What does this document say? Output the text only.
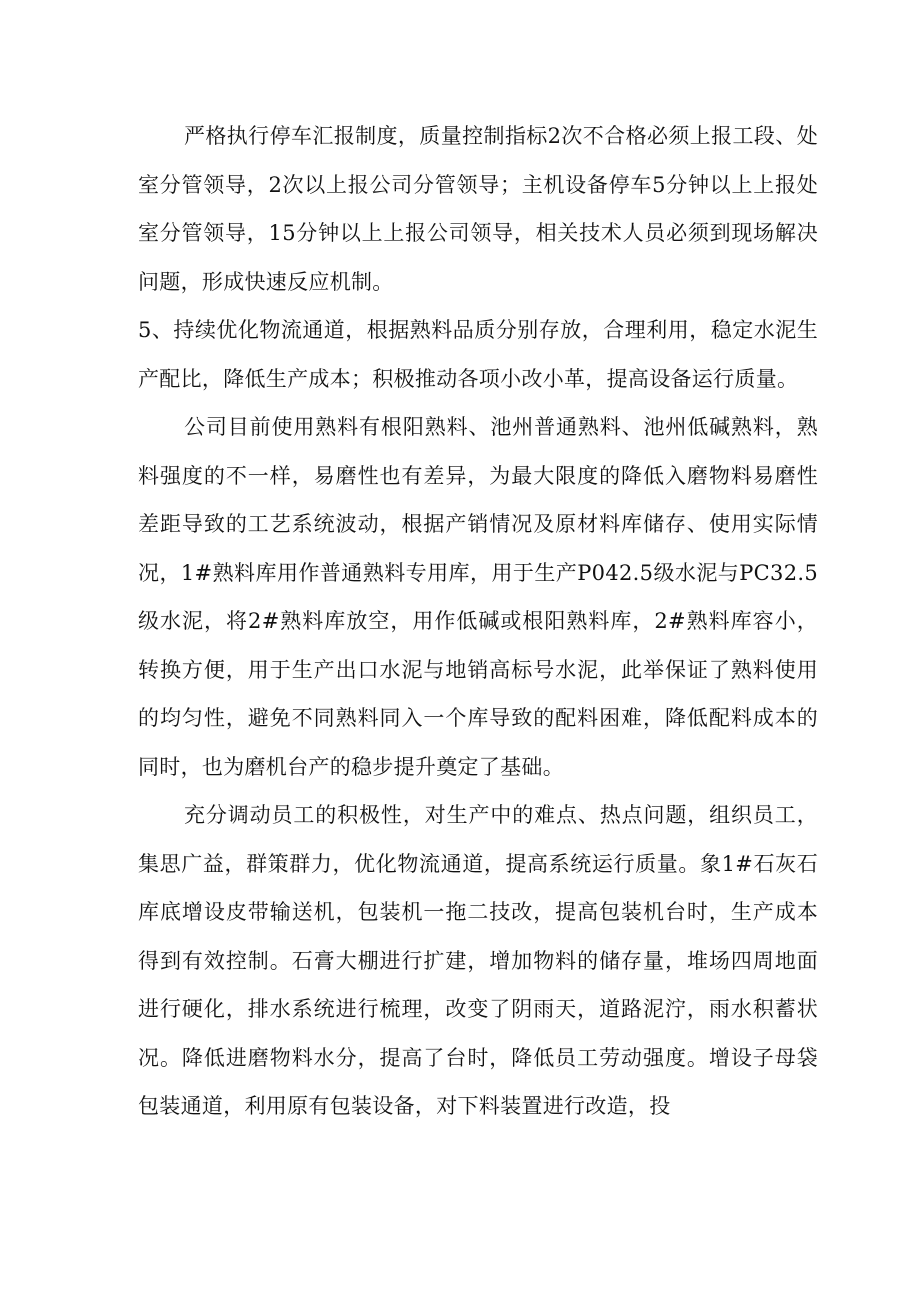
严格执行停车汇报制度，质量控制指标2次不合格必须上报工段、处室分管领导，2次以上报公司分管领导；主机设备停车5分钟以上上报处室分管领导，15分钟以上上报公司领导，相关技术人员必须到现场解决问题，形成快速反应机制。

5、持续优化物流通道，根据熟料品质分别存放，合理利用，稳定水泥生产配比，降低生产成本；积极推动各项小改小革，提高设备运行质量。

公司目前使用熟料有根阳熟料、池州普通熟料、池州低碱熟料，熟料强度的不一样，易磨性也有差异，为最大限度的降低入磨物料易磨性差距导致的工艺系统波动，根据产销情况及原材料库储存、使用实际情况，1#熟料库用作普通熟料专用库，用于生产P042.5级水泥与PC32.5级水泥，将2#熟料库放空，用作低碱或根阳熟料库，2#熟料库容小，转换方便，用于生产出口水泥与地销高标号水泥，此举保证了熟料使用的均匀性，避免不同熟料同入一个库导致的配料困难，降低配料成本的同时，也为磨机台产的稳步提升奠定了基础。

充分调动员工的积极性，对生产中的难点、热点问题，组织员工，集思广益，群策群力，优化物流通道，提高系统运行质量。象1#石灰石库底增设皮带输送机，包装机一拖二技改，提高包装机台时，生产成本得到有效控制。石膏大棚进行扩建，增加物料的储存量，堆场四周地面进行硬化，排水系统进行梳理，改变了阴雨天，道路泥泞，雨水积蓄状况。降低进磨物料水分，提高了台时，降低员工劳动强度。增设子母袋包装通道，利用原有包装设备，对下料装置进行改造，投
